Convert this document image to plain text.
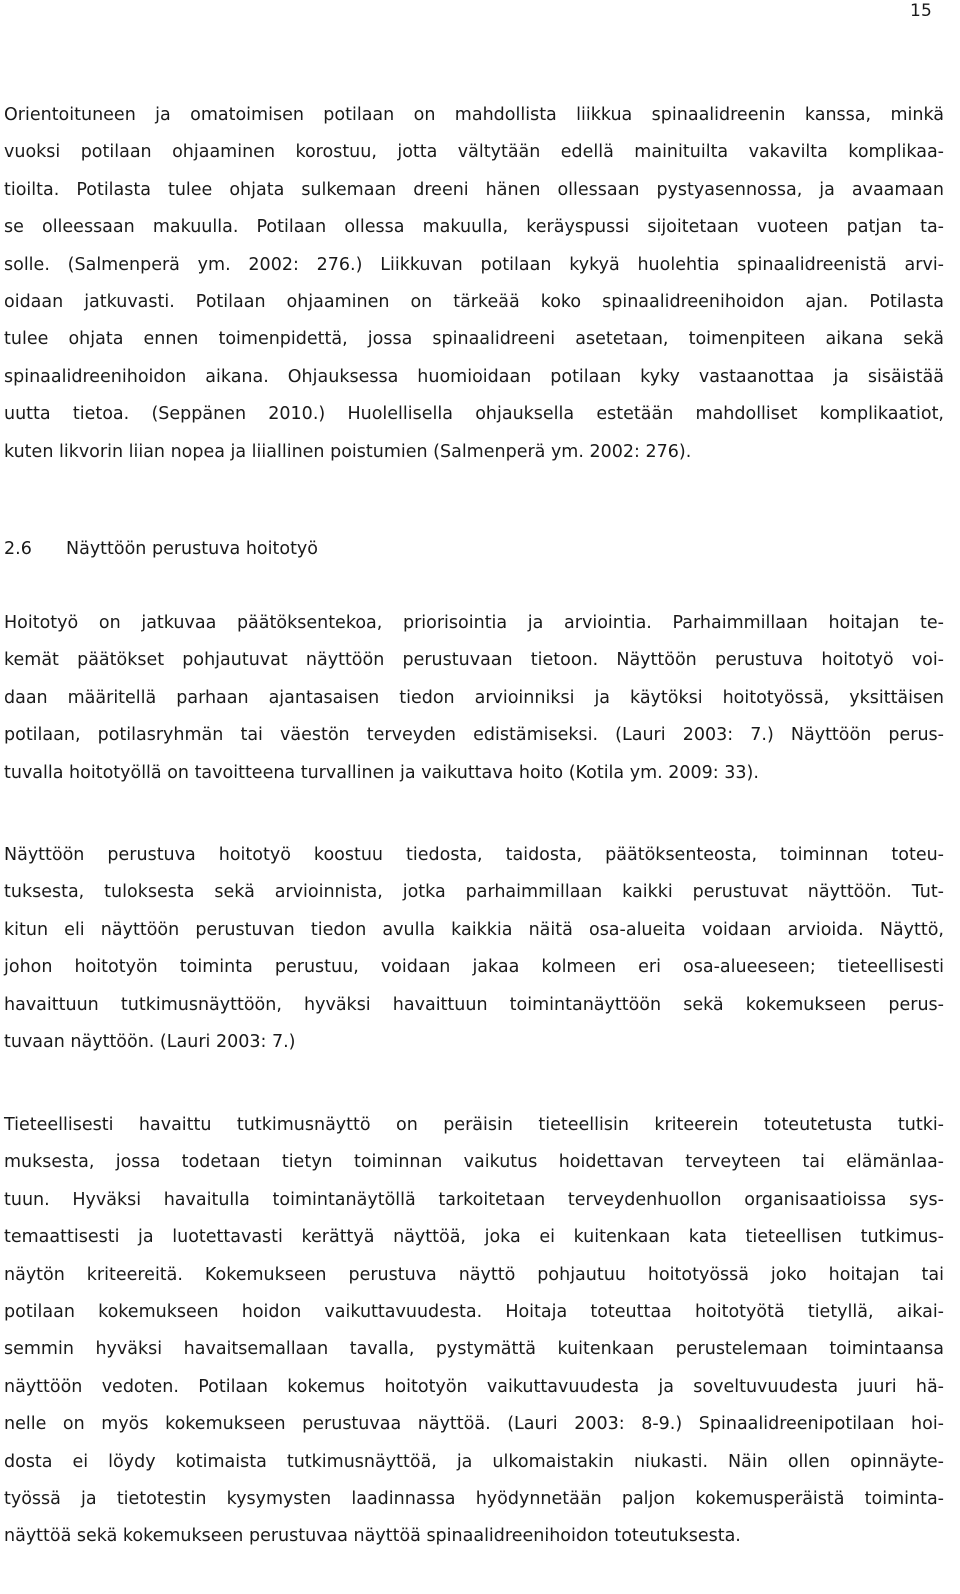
15
Orientoituneen ja omatoimisen potilaan on mahdollista liikkua spinaalidreenin kanssa, minkä
vuoksi potilaan ohjaaminen korostuu, jotta vältytään edellä mainituilta vakavilta komplikaa-
tioilta. Potilasta tulee ohjata sulkemaan dreeni hänen ollessaan pystyasennossa, ja avaamaan
se olleessaan makuulla. Potilaan ollessa makuulla, keräyspussi sijoitetaan vuoteen patjan ta-
solle. (Salmenperä ym. 2002: 276.) Liikkuvan potilaan kykyä huolehtia spinaalidreenistä arvi-
oidaan jatkuvasti. Potilaan ohjaaminen on tärkeää koko spinaalidreenihoidon ajan. Potilasta
tulee ohjata ennen toimenpidettä, jossa spinaalidreeni asetetaan, toimenpiteen aikana sekä
spinaalidreenihoidon aikana. Ohjauksessa huomioidaan potilaan kyky vastaanottaa ja sisäistää
uutta tietoa. (Seppänen 2010.) Huolellisella ohjauksella estetään mahdolliset komplikaatiot,
kuten likvorin liian nopea ja liiallinen poistumien (Salmenperä ym. 2002: 276).
2.6 Näyttöön perustuva hoitotyö
Hoitotyö on jatkuvaa päätöksentekoa, priorisointia ja arviointia. Parhaimmillaan hoitajan te-
kemät päätökset pohjautuvat näyttöön perustuvaan tietoon. Näyttöön perustuva hoitotyö voi-
daan määritellä parhaan ajantasaisen tiedon arvioinniksi ja käytöksi hoitotyössä, yksittäisen
potilaan, potilasryhmän tai väestön terveyden edistämiseksi. (Lauri 2003: 7.) Näyttöön perus-
tuvalla hoitotyöllä on tavoitteena turvallinen ja vaikuttava hoito (Kotila ym. 2009: 33).
Näyttöön perustuva hoitotyö koostuu tiedosta, taidosta, päätöksenteosta, toiminnan toteu-
tuksesta, tuloksesta sekä arvioinnista, jotka parhaimmillaan kaikki perustuvat näyttöön. Tut-
kitun eli näyttöön perustuvan tiedon avulla kaikkia näitä osa-alueita voidaan arvioida. Näyttö,
johon hoitotyön toiminta perustuu, voidaan jakaa kolmeen eri osa-alueeseen; tieteellisesti
havaittuun tutkimusnäyttöön, hyväksi havaittuun toimintanäyttöön sekä kokemukseen perus-
tuvaan näyttöön. (Lauri 2003: 7.)
Tieteellisesti havaittu tutkimusnäyttö on peräisin tieteellisin kriteerein toteutetusta tutki-
muksesta, jossa todetaan tietyn toiminnan vaikutus hoidettavan terveyteen tai elämänlaa-
tuun. Hyväksi havaitulla toimintanäytöllä tarkoitetaan terveydenhuollon organisaatioissa sys-
temaattisesti ja luotettavasti kerättyä näyttöä, joka ei kuitenkaan kata tieteellisen tutkimus-
näytön kriteereitä. Kokemukseen perustuva näyttö pohjautuu hoitotyössä joko hoitajan tai
potilaan kokemukseen hoidon vaikuttavuudesta. Hoitaja toteuttaa hoitotyötä tietyllä, aikai-
semmin hyväksi havaitsemallaan tavalla, pystymättä kuitenkaan perustelemaan toimintaansa
näyttöön vedoten. Potilaan kokemus hoitotyön vaikuttavuudesta ja soveltuvuudesta juuri hä-
nelle on myös kokemukseen perustuvaa näyttöä. (Lauri 2003: 8-9.) Spinaalidreenipotilaan hoi-
dosta ei löydy kotimaista tutkimusnäyttöä, ja ulkomaistakin niukasti. Näin ollen opinnäyte-
työssä ja tietotestin kysymysten laadinnassa hyödynnetään paljon kokemusperäistä toiminta-
näyttöä sekä kokemukseen perustuvaa näyttöä spinaalidreenihoidon toteutuksesta.
